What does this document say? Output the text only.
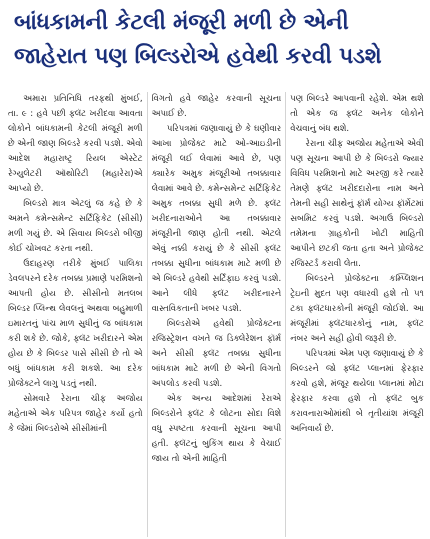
બાંધકામની કેટલી મંજૂરી મળી છે એની
જાહેરાત પણ બિલ્ડરોએ હવેથી કરવી પડશે

અમારા પ્રતિનિધિ તરફથી મુંબઈ, તા. ૯ : હવે પછી ફ્લૅટ ખરીદવા આવતા લોકોને બાંધકામની કેટલી મંજૂરી મળી છે એની જાણ બિલ્ડરે કરવી પડશે. એવો આદેશ મહારાષ્ટ્ર રિયલ એસ્ટેટ રેગ્યુલેટરી ઑથોરિટી (મહારેરા)એ આપ્યો છે.

બિલ્ડરો માત્ર એટલું જ કહે છે કે અમને કમેન્સમેન્ટ સર્ટિફિકેટ (સીસી) મળી ગયું છે. એ સિવાય બિલ્ડરો બીજી કોઈ ચોખવટ કરતા નથી.

ઉદાહરણ તરીકે મુંબઈ પાલિકા ડેવલપરને દરેક તબક્કા પ્રમાણે પરમિશનો આપતી હોય છે. સીસીનો મતલબ બિલ્ડર પ્લિન્થ લેવલનું અથવા બહુમાળી ઇમારતનું પાંચ માળ સુધીનું જ બાંધકામ કરી શકે છે. જોકે, ફ્લૅટ ખરીદારને એમ હોય છે કે બિલ્ડર પાસે સીસી છે તો એ બધું બાંધકામ કરી શકશે. આ દરેક પ્રોજેક્ટને લાગુ પડતું નથી.

સોમવારે રેરાના ચીફ અજોય મહેતાએ એક પરિપત્ર જાહેર કર્યો હતો કે જેમાં બિલ્ડરોએ સીસીમાંની

વિગતો હવે જાહેર કરવાની સૂચના અપાઈ છે.

પરિપત્રમાં જણાવાયું છે કે ઘણીવાર આખા પ્રોજેક્ટ માટે ઓ-આઇડીની મંજૂરી લઈ લેવામાં આવે છે, પણ ક્યારેક અમુક મંજૂરીઓ તબક્કાવાર લેવામાં આવે છે. કમેન્સમેન્ટ સર્ટિફિકેટ અમુક તબક્કા સુધી મળે છે. ફ્લૅટ ખરીદનારાઓને આ તબક્કાવાર મંજૂરીની જાણ હોતી નથી. એટલે એવું નક્કી કરાયું છે કે સીસી ફ્લૅટ તબક્કા સુધીના બાંધકામ માટે મળી છે એ બિલ્ડરે હવેથી સર્ટિફાઇ કરવું પડશે. આને લીધે ફ્લૅટ ખરીદનારને વાસ્તવિકતાની ખબર પડશે.

બિલ્ડરોએ હવેથી પ્રોજેક્ટના રજિસ્ટ્રેશન વખતે જ ડિક્લેરેશન ફૉર્મ અને સીસી ફ્લૅટ તબક્કા સુધીના બાંધકામ માટે મળી છે એની વિગતો અપલોડ કરવી પડશે.

એક અન્ય આદેશમાં રેરાએ બિલ્ડરોને ફ્લૅટ કે લોટના સોદા વિશે વધુ સ્પષ્ટતા કરવાની સૂચના આપી હતી. ફ્લૅટનું બુકિંગ થાય કે વેચાઈ જાય તો એની માહિતી

પણ બિલ્ડરે આપવાની રહેશે. એમ થશે તો એક જ ફ્લૅટ અનેક લોકોને વેચવાનું બંધ થશે.

રેરાના ચીફ અજોય મહેતાએ એવી પણ સૂચના આપી છે કે બિલ્ડરો જ્યાર વિવિધ પરમિશનો માટે અરજી કરે ત્યારે તેમણે ફ્લૅટ ખરીદદારોના નામ અને તેમની સહી સાથેનું ફૉર્મ યોગ્ય ફૉર્મેટમાં સબમિટ કરવું પડશે. અગાઉ બિલ્ડરો તમેમના ગ્રાહકોની ખોટી માહિતી આપીને છટકી જતા હતા અને પ્રોજેક્ટ રજિસ્ટર્ડ કરાવી લેતા.

બિલ્ડરને પ્રોજેક્ટના કમ્પ્લિશન ટ્રેઇની મુદત પણ વધારવી હશે તો ૫૧ ટકા ફ્લૅટધારકોની મંજૂરી જોઈશે. આ મંજૂરીમાં ફ્લૅટધારકોનું નામ, ફ્લૅટ નંબર અને સહી હોવી જરૂરી છે.

પરિપત્રમાં એમ પણ જણાવાયું છે કે બિલ્ડરને જો ફ્લૅટ પ્લાનમાં ફેરફાર કરવો હશે, મંજૂર થયેલા પ્લાનમાં મોટા ફેરફાર કરવા હશે તો ફ્લૅટ બુક કરાવનારાઓમાંથી બે તૃતીયાંશ મંજૂરી અનિવાર્ય છે.
